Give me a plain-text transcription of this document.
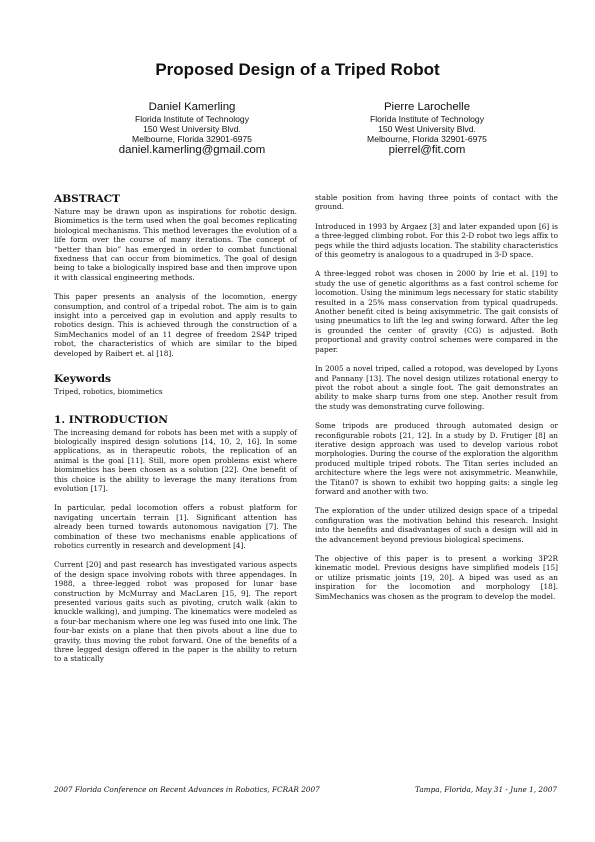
Proposed Design of a Triped Robot
Daniel Kamerling
Florida Institute of Technology
150 West University Blvd.
Melbourne, Florida 32901-6975
daniel.kamerling@gmail.com
Pierre Larochelle
Florida Institute of Technology
150 West University Blvd.
Melbourne, Florida 32901-6975
pierrel@fit.com
ABSTRACT

Nature may be drawn upon as inspirations for robotic design. Biomimetics is the term used when the goal becomes replicating biological mechanisms. This method leverages the evolution of a life form over the course of many iterations. The concept of “better than bio” has emerged in order to combat functional fixedness that can occur from biomimetics. The goal of design being to take a biologically inspired base and then improve upon it with classical engineering methods.

This paper presents an analysis of the locomotion, energy consumption, and control of a tripedal robot. The aim is to gain insight into a perceived gap in evolution and apply results to robotics design. This is achieved through the construction of a SimMechanics model of an 11 degree of freedom 2S4P triped robot, the characteristics of which are similar to the biped developed by Raibert et. al [18].

Keywords

Triped, robotics, biomimetics

1. INTRODUCTION

The increasing demand for robots has been met with a supply of biologically inspired design solutions [14, 10, 2, 16]. In some applications, as in therapeutic robots, the replication of an animal is the goal [11]. Still, more open problems exist where biomimetics has been chosen as a solution [22]. One benefit of this choice is the ability to leverage the many iterations from evolution [17].

In particular, pedal locomotion offers a robust platform for navigating uncertain terrain [1]. Significant attention has already been turned towards autonomous navigation [7]. The combination of these two mechanisms enable applications of robotics currently in research and development [4].

Current [20] and past research has investigated various aspects of the design space involving robots with three appendages. In 1988, a three-legged robot was proposed for lunar base construction by McMurray and MacLaren [15, 9]. The report presented various gaits such as pivoting, crutch walk (akin to knuckle walking), and jumping. The kinematics were modeled as a four-bar mechanism where one leg was fused into one link. The four-bar exists on a plane that then pivots about a line due to gravity, thus moving the robot forward. One of the benefits of a three legged design offered in the paper is the ability to return to a statically

stable position from having three points of contact with the ground.

Introduced in 1993 by Argaez [3] and later expanded upon [6] is a three-legged climbing robot. For this 2-D robot two legs affix to pegs while the third adjusts location. The stability characteristics of this geometry is analogous to a quadruped in 3-D space.

A three-legged robot was chosen in 2000 by Irie et al. [19] to study the use of genetic algorithms as a fast control scheme for locomotion. Using the minimum legs necessary for static stability resulted in a 25% mass conservation from typical quadrupeds. Another benefit cited is being axisymmetric. The gait consists of using pneumatics to lift the leg and swing forward. After the leg is grounded the center of gravity (CG) is adjusted. Both proportional and gravity control schemes were compared in the paper.

In 2005 a novel triped, called a rotopod, was developed by Lyons and Pannany [13]. The novel design utilizes rotational energy to pivot the robot about a single foot. The gait demonstrates an ability to make sharp turns from one step. Another result from the study was demonstrating curve following.

Some tripods are produced through automated design or reconfigurable robots [21, 12]. In a study by D. Frutiger [8] an iterative design approach was used to develop various robot morphologies. During the course of the exploration the algorithm produced multiple triped robots. The Titan series included an architecture where the legs were not axisymmetric. Meanwhile, the Titan07 is shown to exhibit two hopping gaits: a single leg forward and another with two.

The exploration of the under utilized design space of a tripedal configuration was the motivation behind this research. Insight into the benefits and disadvantages of such a design will aid in the advancement beyond previous biological specimens.

The objective of this paper is to present a working 3P2R kinematic model. Previous designs have simplified models [15] or utilize prismatic joints [19, 20]. A biped was used as an inspiration for the locomotion and morphology [18]. SimMechanics was chosen as the program to develop the model.

2007 Florida Conference on Recent Advances in Robotics, FCRAR 2007	Tampa, Florida, May 31 - June 1, 2007
